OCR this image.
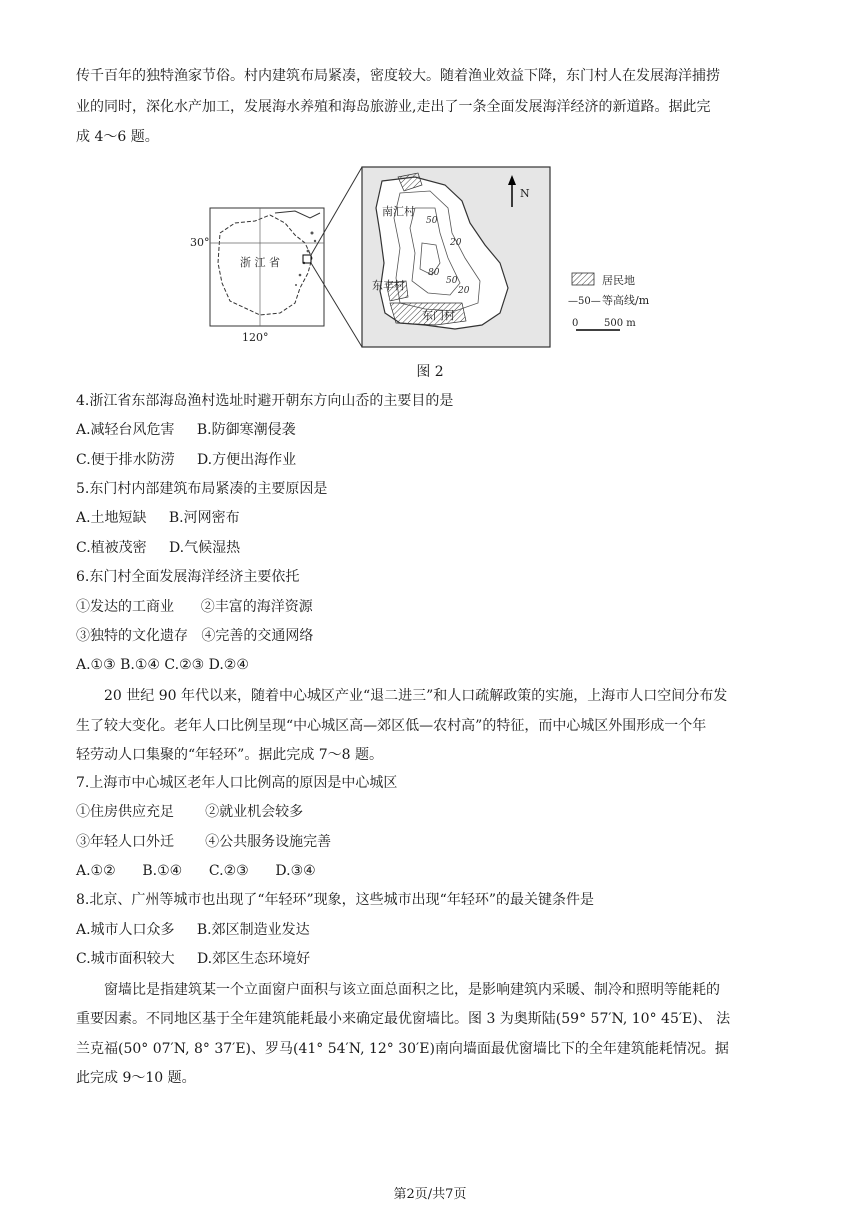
传千百年的独特渔家节俗。村内建筑布局紧凑，密度较大。随着渔业效益下降，东门村人在发展海洋捕捞
业的同时，深化水产加工，发展海水养殖和海岛旅游业,走出了一条全面发展海洋经济的新道路。据此完
成 4～6 题。
30°
120°
浙 江 省
南汇村
东丰村
东门村
50
20
80
50
20
N
居民地
—50— 等高线/m
0	500 m
图 2
4.浙江省东部海岛渔村选址时避开朝东方向山岙的主要目的是
A.减轻台风危害 B.防御寒潮侵袭
C.便于排水防涝 D.方便出海作业
5.东门村内部建筑布局紧凑的主要原因是
A.土地短缺 B.河网密布
C.植被茂密 D.气候湿热
6.东门村全面发展海洋经济主要依托
①发达的工商业 ②丰富的海洋资源
③独特的文化遗存 ④完善的交通网络
A.①③ B.①④ C.②③ D.②④
20 世纪 90 年代以来，随着中心城区产业“退二进三”和人口疏解政策的实施，上海市人口空间分布发
生了较大变化。老年人口比例呈现“中心城区高—郊区低—农村高”的特征，而中心城区外围形成一个年
轻劳动人口集聚的“年轻环”。据此完成 7～8 题。
7.上海市中心城区老年人口比例高的原因是中心城区
①住房供应充足 ②就业机会较多
③年轻人口外迁 ④公共服务设施完善
A.①② B.①④ C.②③ D.③④
8.北京、广州等城市也出现了“年轻环”现象，这些城市出现“年轻环”的最关键条件是
A.城市人口众多 B.郊区制造业发达
C.城市面积较大 D.郊区生态环境好
窗墙比是指建筑某一个立面窗户面积与该立面总面积之比，是影响建筑内采暖、制冷和照明等能耗的
重要因素。不同地区基于全年建筑能耗最小来确定最优窗墙比。图 3 为奥斯陆(59° 57′N, 10° 45′E)、 法
兰克福(50° 07′N, 8° 37′E)、罗马(41° 54′N, 12° 30′E)南向墙面最优窗墙比下的全年建筑能耗情况。据
此完成 9～10 题。
第2页/共7页
